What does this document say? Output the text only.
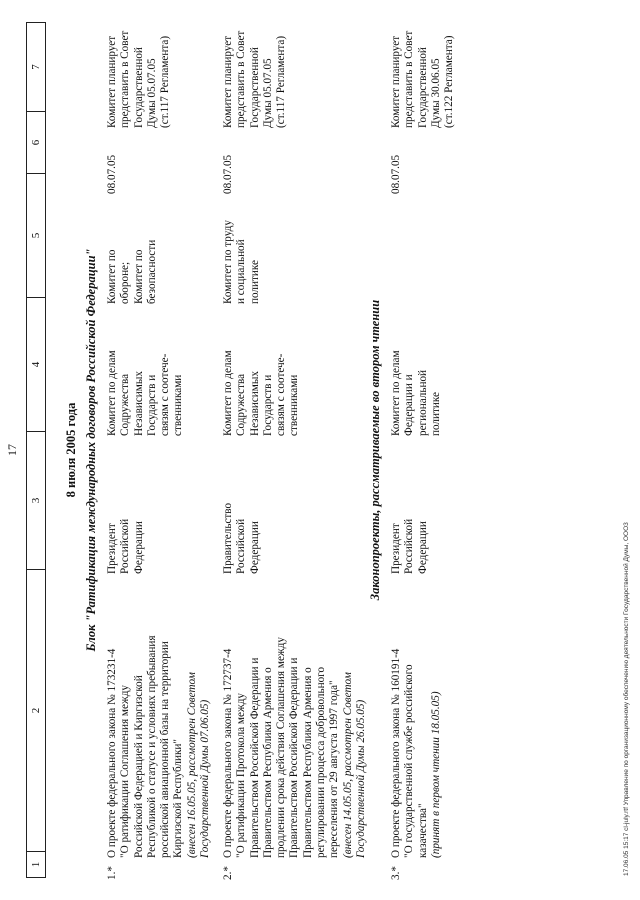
17
1
2
3
4
5
6
7
8 июля 2005 года Блок "Ратификация международных договоров Российской Федерации"
1.*
О проекте федерального закона № 173231-4 "О ратификации Соглашения между Российской Федерацией и Киргизской Республикой о статусе и условиях пребывания российской авиационной базы на территории Киргизской Республики" (внесен 16.05.05, рассмотрен Советом Государственной Думы 07.06.05)
Президент Российской Федерации
Комитет по делам Содружества Независимых Государств и связям с соотече- ственниками
Комитет по обороне; Комитет по безопасности
08.07.05
Комитет планирует представить в Совет Государственной Думы 05.07.05 (ст.117 Регламента)
2.*
О проекте федерального закона № 172737-4 "О ратификации Протокола между Правительством Российской Федерации и Правительством Республики Армения о продлении срока действия Соглашения между Правительством Российской Федерации и Правительством Республики Армения о регулировании процесса добровольного переселения от 29 августа 1997 года" (внесен 14.05.05, рассмотрен Советом Государственной Думы 26.05.05)
Правительство Российской Федерации
Комитет по делам Содружества Независимых Государств и связям с соотече- ственниками
Комитет по труду и социальной политике
08.07.05
Комитет планирует представить в Совет Государственной Думы 05.07.05 (ст.117 Регламента)
Законопроекты, рассматриваемые во втором чтении
3.*
О проекте федерального закона № 160191-4 "О государственной службе российского казачества" (принят в первом чтении 18.05.05)
Президент Российской Федерации
Комитет по делам Федерации и региональной политике
08.07.05
Комитет планирует представить в Совет Государственной Думы 30.06.05 (ст.122 Регламента)
17.06.05 15:17 cl-july.rtf Управление по организационному обеспечению деятельности Государственной Думы, ООО3
